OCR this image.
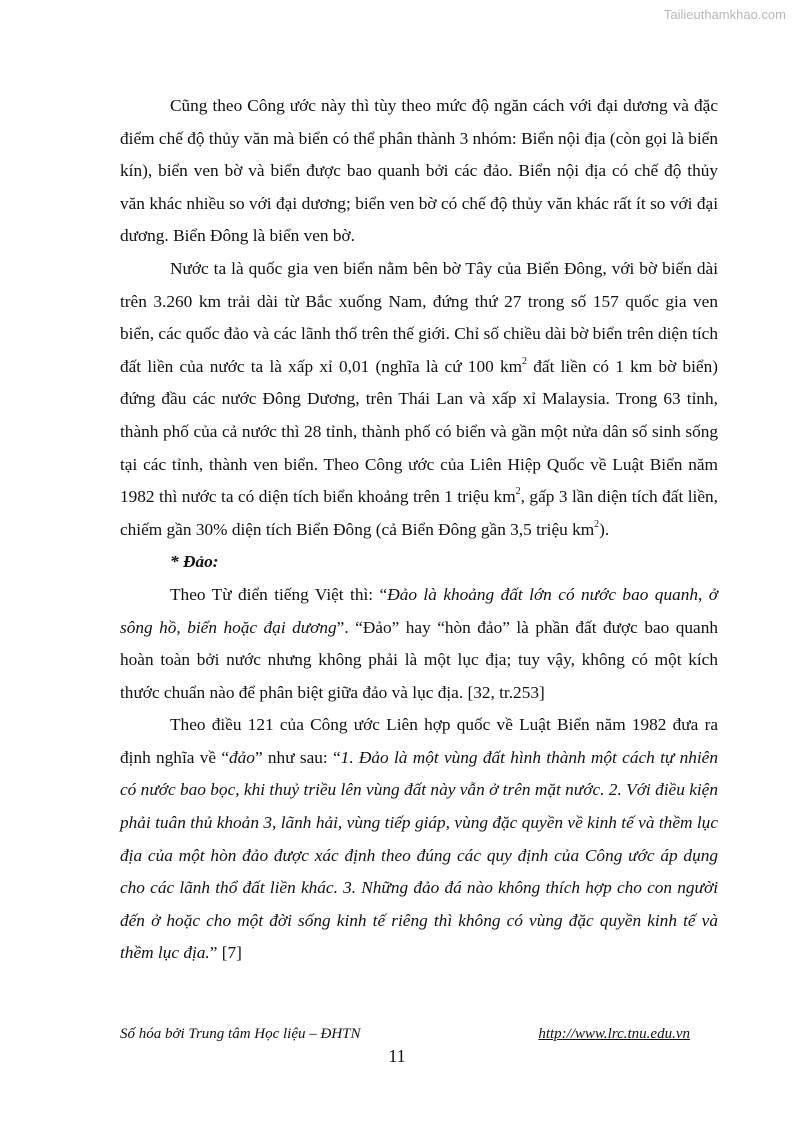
Tailieuthamkhao.com

Cũng theo Công ước này thì tùy theo mức độ ngăn cách với đại dương và đặc điểm chế độ thủy văn mà biển có thể phân thành 3 nhóm: Biển nội địa (còn gọi là biển kín), biển ven bờ và biển được bao quanh bởi các đảo. Biển nội địa có chế độ thủy văn khác nhiều so với đại dương; biển ven bờ có chế độ thủy văn khác rất ít so với đại dương. Biển Đông là biển ven bờ.

Nước ta là quốc gia ven biển nằm bên bờ Tây của Biển Đông, với bờ biển dài trên 3.260 km trải dài từ Bắc xuống Nam, đứng thứ 27 trong số 157 quốc gia ven biển, các quốc đảo và các lãnh thổ trên thế giới. Chỉ số chiều dài bờ biển trên diện tích đất liền của nước ta là xấp xỉ 0,01 (nghĩa là cứ 100 $km^2$ đất liền có 1 km bờ biển) đứng đầu các nước Đông Dương, trên Thái Lan và xấp xỉ Malaysia. Trong 63 tỉnh, thành phố của cả nước thì 28 tỉnh, thành phố có biển và gần một nửa dân số sinh sống tại các tỉnh, thành ven biển. Theo Công ước của Liên Hiệp Quốc về Luật Biển năm 1982 thì nước ta có diện tích biển khoảng trên 1 triệu $km^2$, gấp 3 lần diện tích đất liền, chiếm gần 30% diện tích Biển Đông (cả Biển Đông gần 3,5 triệu $km^2$).

* Đảo:

Theo Từ điển tiếng Việt thì: “Đảo là khoảng đất lớn có nước bao quanh, ở sông hồ, biển hoặc đại dương”. “Đảo” hay “hòn đảo” là phần đất được bao quanh hoàn toàn bởi nước nhưng không phải là một lục địa; tuy vậy, không có một kích thước chuẩn nào để phân biệt giữa đảo và lục địa. [32, tr.253]

Theo điều 121 của Công ước Liên hợp quốc về Luật Biển năm 1982 đưa ra định nghĩa về “đảo” như sau: “1. Đảo là một vùng đất hình thành một cách tự nhiên có nước bao bọc, khi thuỷ triều lên vùng đất này vẫn ở trên mặt nước. 2. Với điều kiện phải tuân thủ khoản 3, lãnh hải, vùng tiếp giáp, vùng đặc quyền về kinh tế và thềm lục địa của một hòn đảo được xác định theo đúng các quy định của Công ước áp dụng cho các lãnh thổ đất liền khác. 3. Những đảo đá nào không thích hợp cho con người đến ở hoặc cho một đời sống kinh tế riêng thì không có vùng đặc quyền kinh tế và thềm lục địa.” [7]

Số hóa bởi Trung tâm Học liệu – ĐHTN	http://www.lrc.tnu.edu.vn
11
